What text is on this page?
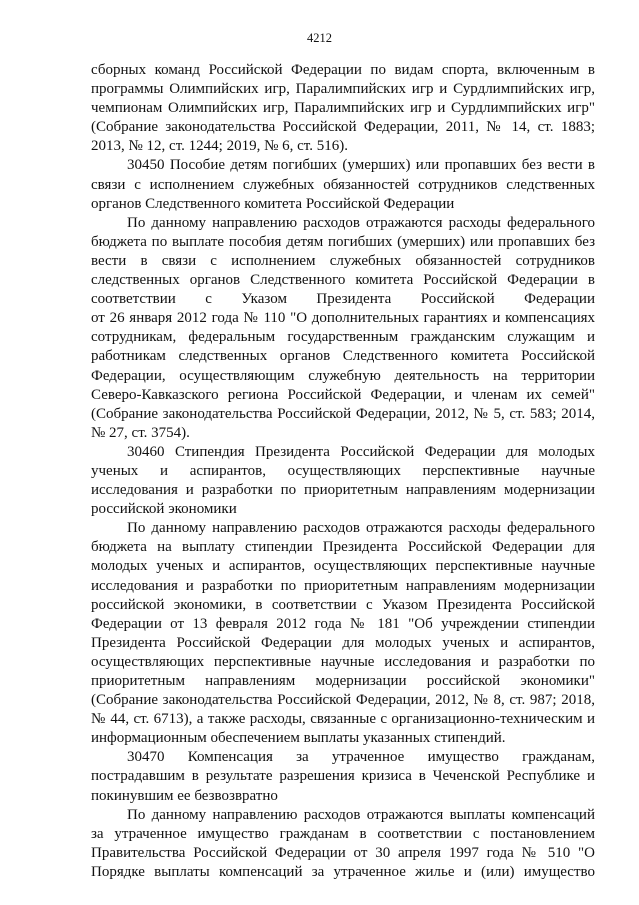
4212
сборных команд Российской Федерации по видам спорта, включенным в
программы Олимпийских игр, Паралимпийских игр и Сурдлимпийских игр,
чемпионам Олимпийских игр, Паралимпийских игр и Сурдлимпийских игр"
(Собрание законодательства Российской Федерации, 2011, № 14, ст. 1883;
2013, № 12, ст. 1244; 2019, № 6, ст. 516).
30450 Пособие детям погибших (умерших) или пропавших без вести в
связи с исполнением служебных обязанностей сотрудников следственных
органов Следственного комитета Российской Федерации
По данному направлению расходов отражаются расходы федерального
бюджета по выплате пособия детям погибших (умерших) или пропавших без
вести в связи с исполнением служебных обязанностей сотрудников
следственных органов Следственного комитета Российской Федерации в
соответствии с Указом Президента Российской Федерации
от 26 января 2012 года № 110 "О дополнительных гарантиях и компенсациях
сотрудникам, федеральным государственным гражданским служащим и
работникам следственных органов Следственного комитета Российской
Федерации, осуществляющим служебную деятельность на территории
Северо-Кавказского региона Российской Федерации, и членам их семей"
(Собрание законодательства Российской Федерации, 2012, № 5, ст. 583; 2014,
№ 27, ст. 3754).
30460 Стипендия Президента Российской Федерации для молодых
ученых и аспирантов, осуществляющих перспективные научные
исследования и разработки по приоритетным направлениям модернизации
российской экономики
По данному направлению расходов отражаются расходы федерального
бюджета на выплату стипендии Президента Российской Федерации для
молодых ученых и аспирантов, осуществляющих перспективные научные
исследования и разработки по приоритетным направлениям модернизации
российской экономики, в соответствии с Указом Президента Российской
Федерации от 13 февраля 2012 года № 181 "Об учреждении стипендии
Президента Российской Федерации для молодых ученых и аспирантов,
осуществляющих перспективные научные исследования и разработки по
приоритетным направлениям модернизации российской экономики"
(Собрание законодательства Российской Федерации, 2012, № 8, ст. 987; 2018,
№ 44, ст. 6713), а также расходы, связанные с организационно-техническим и
информационным обеспечением выплаты указанных стипендий.
30470 Компенсация за утраченное имущество гражданам,
пострадавшим в результате разрешения кризиса в Чеченской Республике и
покинувшим ее безвозвратно
По данному направлению расходов отражаются выплаты компенсаций
за утраченное имущество гражданам в соответствии с постановлением
Правительства Российской Федерации от 30 апреля 1997 года № 510 "О
Порядке выплаты компенсаций за утраченное жилье и (или) имущество
